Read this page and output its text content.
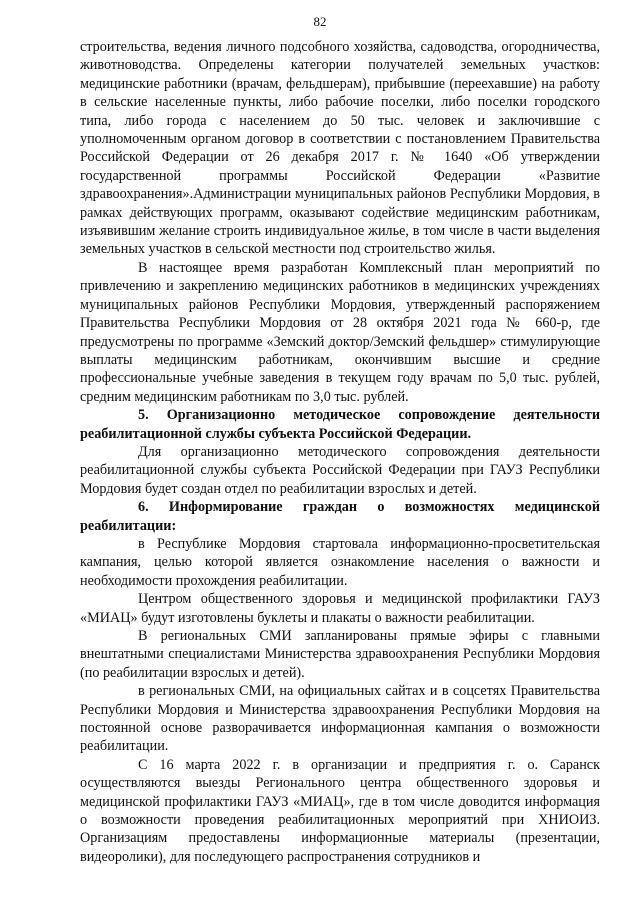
82

строительства, ведения личного подсобного хозяйства, садоводства, огородничества, животноводства. Определены категории получателей земельных участков: медицинские работники (врачам, фельдшерам), прибывшие (переехавшие) на работу в сельские населенные пункты, либо рабочие поселки, либо поселки городского типа, либо города с населением до 50 тыс. человек и заключившие с уполномоченным органом договор в соответствии с постановлением Правительства Российской Федерации от 26 декабря 2017 г. № 1640 «Об утверждении государственной программы Российской Федерации «Развитие здравоохранения».Администрации муниципальных районов Республики Мордовия, в рамках действующих программ, оказывают содействие медицинским работникам, изъявившим желание строить индивидуальное жилье, в том числе в части выделения земельных участков в сельской местности под строительство жилья.

В настоящее время разработан Комплексный план мероприятий по привлечению и закреплению медицинских работников в медицинских учреждениях муниципальных районов Республики Мордовия, утвержденный распоряжением Правительства Республики Мордовия от 28 октября 2021 года № 660-р, где предусмотрены по программе «Земский доктор/Земский фельдшер» стимулирующие выплаты медицинским работникам, окончившим высшие и средние профессиональные учебные заведения в текущем году врачам по 5,0 тыс. рублей, средним медицинским работникам по 3,0 тыс. рублей.

5. Организационно методическое сопровождение деятельности реабилитационной службы субъекта Российской Федерации.

Для организационно методического сопровождения деятельности реабилитационной службы субъекта Российской Федерации при ГАУЗ Республики Мордовия будет создан отдел по реабилитации взрослых и детей.

6. Информирование граждан о возможностях медицинской реабилитации:

в Республике Мордовия стартовала информационно-просветительская кампания, целью которой является ознакомление населения о важности и необходимости прохождения реабилитации.

Центром общественного здоровья и медицинской профилактики ГАУЗ «МИАЦ» будут изготовлены буклеты и плакаты о важности реабилитации.

В региональных СМИ запланированы прямые эфиры с главными внештатными специалистами Министерства здравоохранения Республики Мордовия (по реабилитации взрослых и детей).

в региональных СМИ, на официальных сайтах и в соцсетях Правительства Республики Мордовия и Министерства здравоохранения Республики Мордовия на постоянной основе разворачивается информационная кампания о возможности реабилитации.

С 16 марта 2022 г. в организации и предприятия г. о. Саранск осуществляются выезды Регионального центра общественного здоровья и медицинской профилактики ГАУЗ «МИАЦ», где в том числе доводится информация о возможности проведения реабилитационных мероприятий при ХНИОИЗ. Организациям предоставлены информационные материалы (презентации, видеоролики), для последующего распространения сотрудников и
